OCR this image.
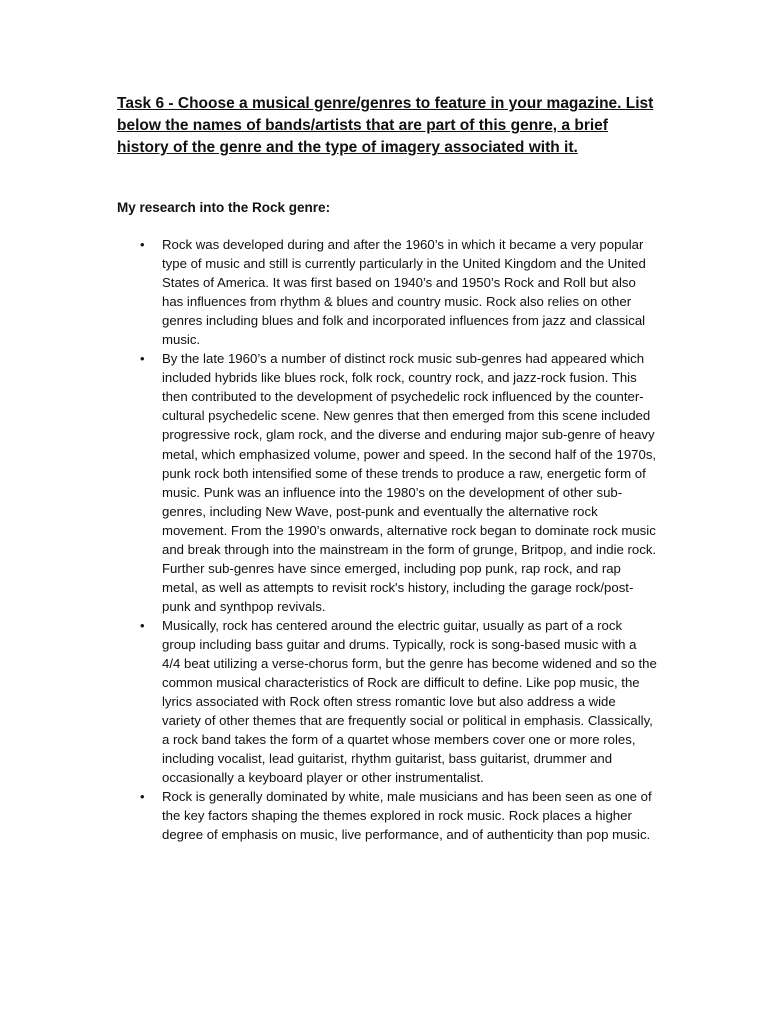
Task 6 - Choose a musical genre/genres to feature in your magazine. List below the names of bands/artists that are part of this genre, a brief history of the genre and the type of imagery associated with it.

My research into the Rock genre:

• Rock was developed during and after the 1960’s in which it became a very popular type of music and still is currently particularly in the United Kingdom and the United States of America. It was first based on 1940’s and 1950’s Rock and Roll but also has influences from rhythm & blues and country music. Rock also relies on other genres including blues and folk and incorporated influences from jazz and classical music.
• By the late 1960’s a number of distinct rock music sub-genres had appeared which included hybrids like blues rock, folk rock, country rock, and jazz-rock fusion. This then contributed to the development of psychedelic rock influenced by the counter-cultural psychedelic scene. New genres that then emerged from this scene included progressive rock, glam rock, and the diverse and enduring major sub-genre of heavy metal, which emphasized volume, power and speed. In the second half of the 1970s, punk rock both intensified some of these trends to produce a raw, energetic form of music. Punk was an influence into the 1980’s on the development of other sub-genres, including New Wave, post-punk and eventually the alternative rock movement. From the 1990’s onwards, alternative rock began to dominate rock music and break through into the mainstream in the form of grunge, Britpop, and indie rock. Further sub-genres have since emerged, including pop punk, rap rock, and rap metal, as well as attempts to revisit rock's history, including the garage rock/post-punk and synthpop revivals.
• Musically, rock has centered around the electric guitar, usually as part of a rock group including bass guitar and drums. Typically, rock is song-based music with a 4/4 beat utilizing a verse-chorus form, but the genre has become widened and so the common musical characteristics of Rock are difficult to define. Like pop music, the lyrics associated with Rock often stress romantic love but also address a wide variety of other themes that are frequently social or political in emphasis. Classically, a rock band takes the form of a quartet whose members cover one or more roles, including vocalist, lead guitarist, rhythm guitarist, bass guitarist, drummer and occasionally a keyboard player or other instrumentalist.
• Rock is generally dominated by white, male musicians and has been seen as one of the key factors shaping the themes explored in rock music. Rock places a higher degree of emphasis on music, live performance, and of authenticity than pop music.
